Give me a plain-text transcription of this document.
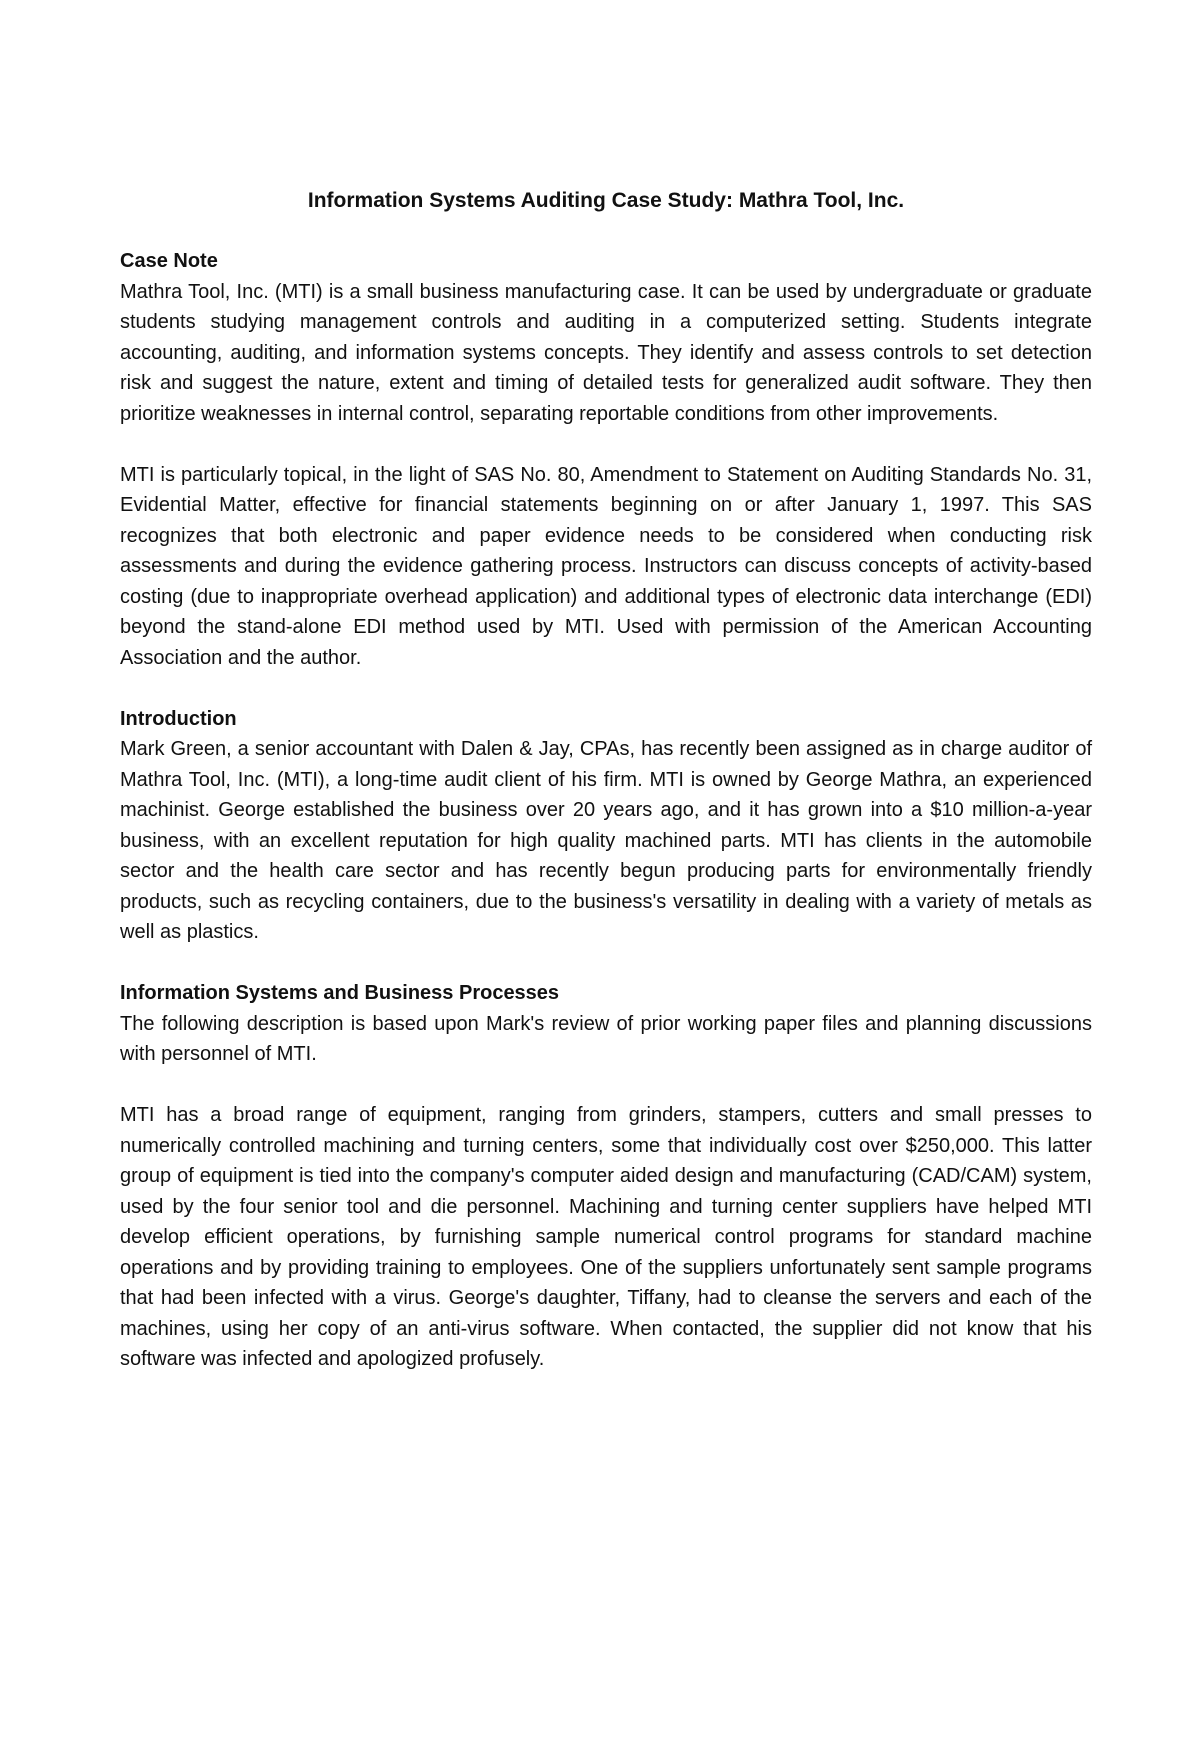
Information Systems Auditing Case Study: Mathra Tool, Inc.

Case Note

Mathra Tool, Inc. (MTI) is a small business manufacturing case. It can be used by undergraduate or graduate students studying management controls and auditing in a computerized setting. Students integrate accounting, auditing, and information systems concepts. They identify and assess controls to set detection risk and suggest the nature, extent and timing of detailed tests for generalized audit software. They then prioritize weaknesses in internal control, separating reportable conditions from other improvements.

MTI is particularly topical, in the light of SAS No. 80, Amendment to Statement on Auditing Standards No. 31, Evidential Matter, effective for financial statements beginning on or after January 1, 1997. This SAS recognizes that both electronic and paper evidence needs to be considered when conducting risk assessments and during the evidence gathering process. Instructors can discuss concepts of activity-based costing (due to inappropriate overhead application) and additional types of electronic data interchange (EDI) beyond the stand-alone EDI method used by MTI. Used with permission of the American Accounting Association and the author.

Introduction

Mark Green, a senior accountant with Dalen & Jay, CPAs, has recently been assigned as in charge auditor of Mathra Tool, Inc. (MTI), a long-time audit client of his firm. MTI is owned by George Mathra, an experienced machinist. George established the business over 20 years ago, and it has grown into a $10 million-a-year business, with an excellent reputation for high quality machined parts. MTI has clients in the automobile sector and the health care sector and has recently begun producing parts for environmentally friendly products, such as recycling containers, due to the business's versatility in dealing with a variety of metals as well as plastics.

Information Systems and Business Processes

The following description is based upon Mark's review of prior working paper files and planning discussions with personnel of MTI.

MTI has a broad range of equipment, ranging from grinders, stampers, cutters and small presses to numerically controlled machining and turning centers, some that individually cost over $250,000. This latter group of equipment is tied into the company's computer aided design and manufacturing (CAD/CAM) system, used by the four senior tool and die personnel. Machining and turning center suppliers have helped MTI develop efficient operations, by furnishing sample numerical control programs for standard machine operations and by providing training to employees. One of the suppliers unfortunately sent sample programs that had been infected with a virus. George's daughter, Tiffany, had to cleanse the servers and each of the machines, using her copy of an anti-virus software. When contacted, the supplier did not know that his software was infected and apologized profusely.
